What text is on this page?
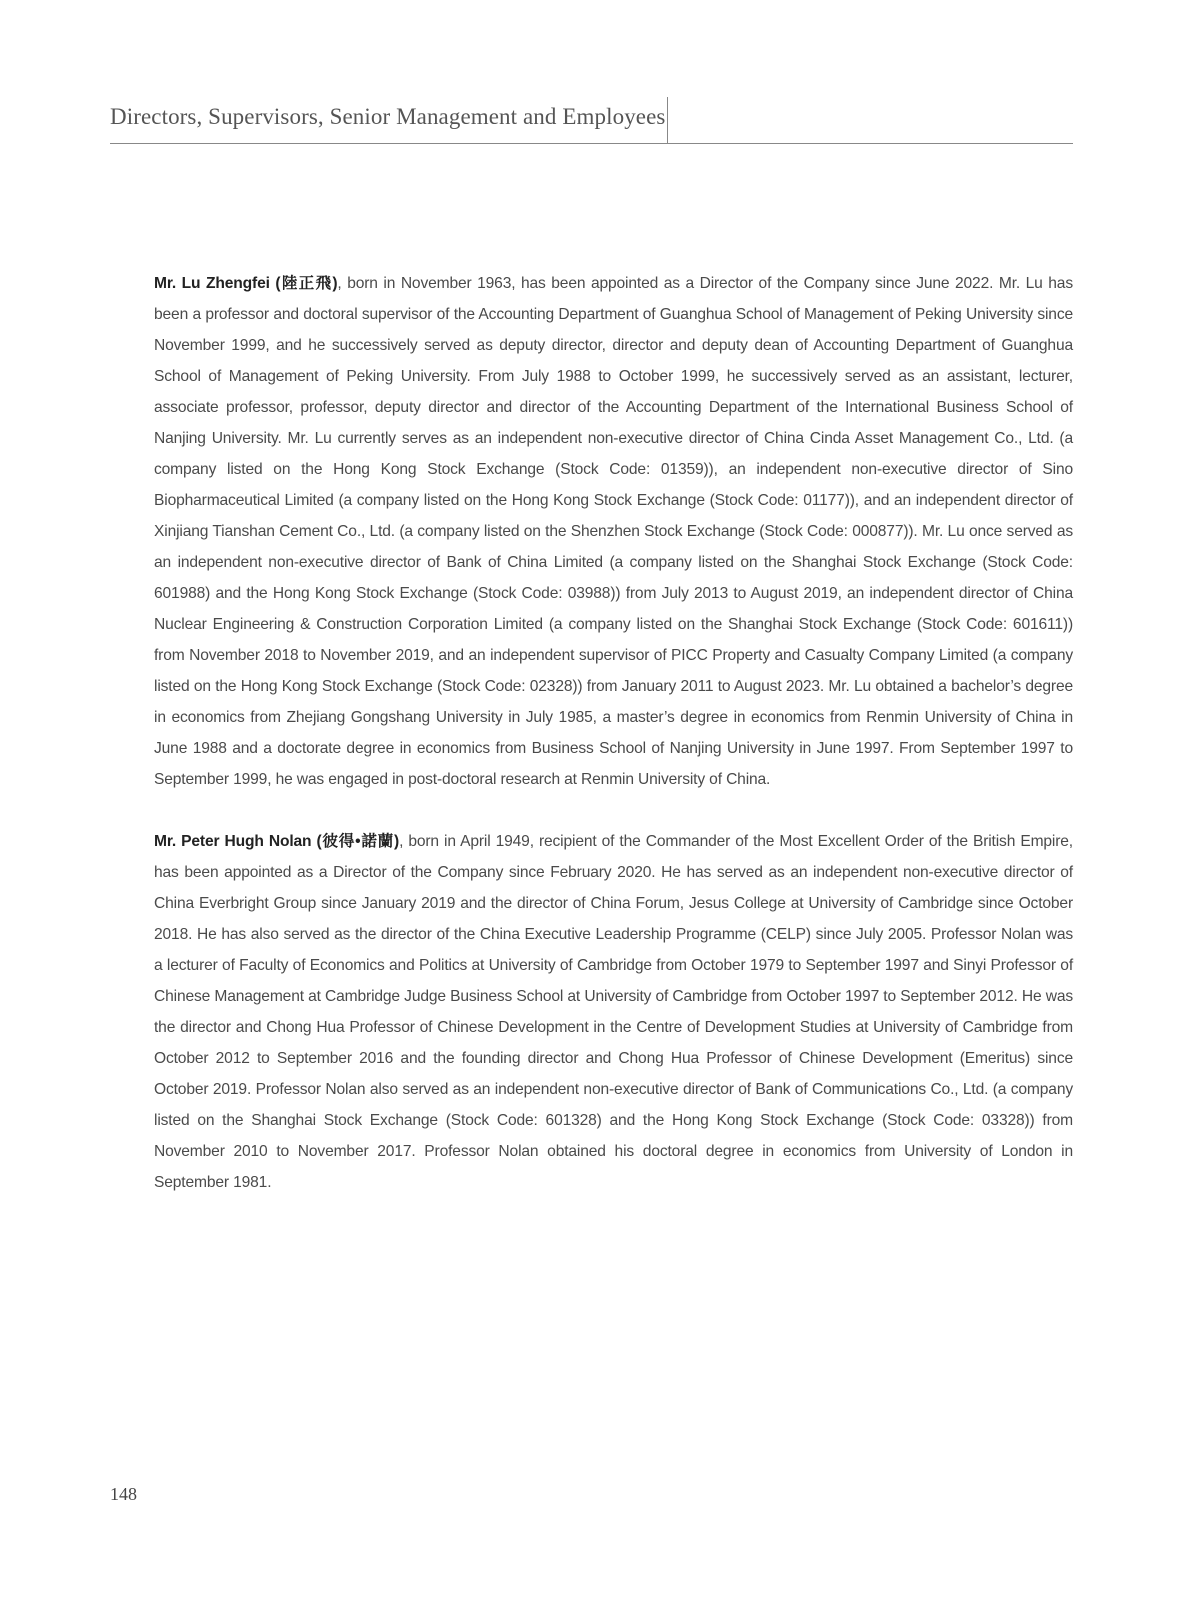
Directors, Supervisors, Senior Management and Employees

Mr. Lu Zhengfei (陸正飛), born in November 1963, has been appointed as a Director of the Company since June 2022. Mr. Lu has been a professor and doctoral supervisor of the Accounting Department of Guanghua School of Management of Peking University since November 1999, and he successively served as deputy director, director and deputy dean of Accounting Department of Guanghua School of Management of Peking University. From July 1988 to October 1999, he successively served as an assistant, lecturer, associate professor, professor, deputy director and director of the Accounting Department of the International Business School of Nanjing University. Mr. Lu currently serves as an independent non-executive director of China Cinda Asset Management Co., Ltd. (a company listed on the Hong Kong Stock Exchange (Stock Code: 01359)), an independent non-executive director of Sino Biopharmaceutical Limited (a company listed on the Hong Kong Stock Exchange (Stock Code: 01177)), and an independent director of Xinjiang Tianshan Cement Co., Ltd. (a company listed on the Shenzhen Stock Exchange (Stock Code: 000877)). Mr. Lu once served as an independent non-executive director of Bank of China Limited (a company listed on the Shanghai Stock Exchange (Stock Code: 601988) and the Hong Kong Stock Exchange (Stock Code: 03988)) from July 2013 to August 2019, an independent director of China Nuclear Engineering & Construction Corporation Limited (a company listed on the Shanghai Stock Exchange (Stock Code: 601611)) from November 2018 to November 2019, and an independent supervisor of PICC Property and Casualty Company Limited (a company listed on the Hong Kong Stock Exchange (Stock Code: 02328)) from January 2011 to August 2023. Mr. Lu obtained a bachelor’s degree in economics from Zhejiang Gongshang University in July 1985, a master’s degree in economics from Renmin University of China in June 1988 and a doctorate degree in economics from Business School of Nanjing University in June 1997. From September 1997 to September 1999, he was engaged in post-doctoral research at Renmin University of China.

Mr. Peter Hugh Nolan (彼得•諾蘭), born in April 1949, recipient of the Commander of the Most Excellent Order of the British Empire, has been appointed as a Director of the Company since February 2020. He has served as an independent non-executive director of China Everbright Group since January 2019 and the director of China Forum, Jesus College at University of Cambridge since October 2018. He has also served as the director of the China Executive Leadership Programme (CELP) since July 2005. Professor Nolan was a lecturer of Faculty of Economics and Politics at University of Cambridge from October 1979 to September 1997 and Sinyi Professor of Chinese Management at Cambridge Judge Business School at University of Cambridge from October 1997 to September 2012. He was the director and Chong Hua Professor of Chinese Development in the Centre of Development Studies at University of Cambridge from October 2012 to September 2016 and the founding director and Chong Hua Professor of Chinese Development (Emeritus) since October 2019. Professor Nolan also served as an independent non-executive director of Bank of Communications Co., Ltd. (a company listed on the Shanghai Stock Exchange (Stock Code: 601328) and the Hong Kong Stock Exchange (Stock Code: 03328)) from November 2010 to November 2017. Professor Nolan obtained his doctoral degree in economics from University of London in September 1981.

148
